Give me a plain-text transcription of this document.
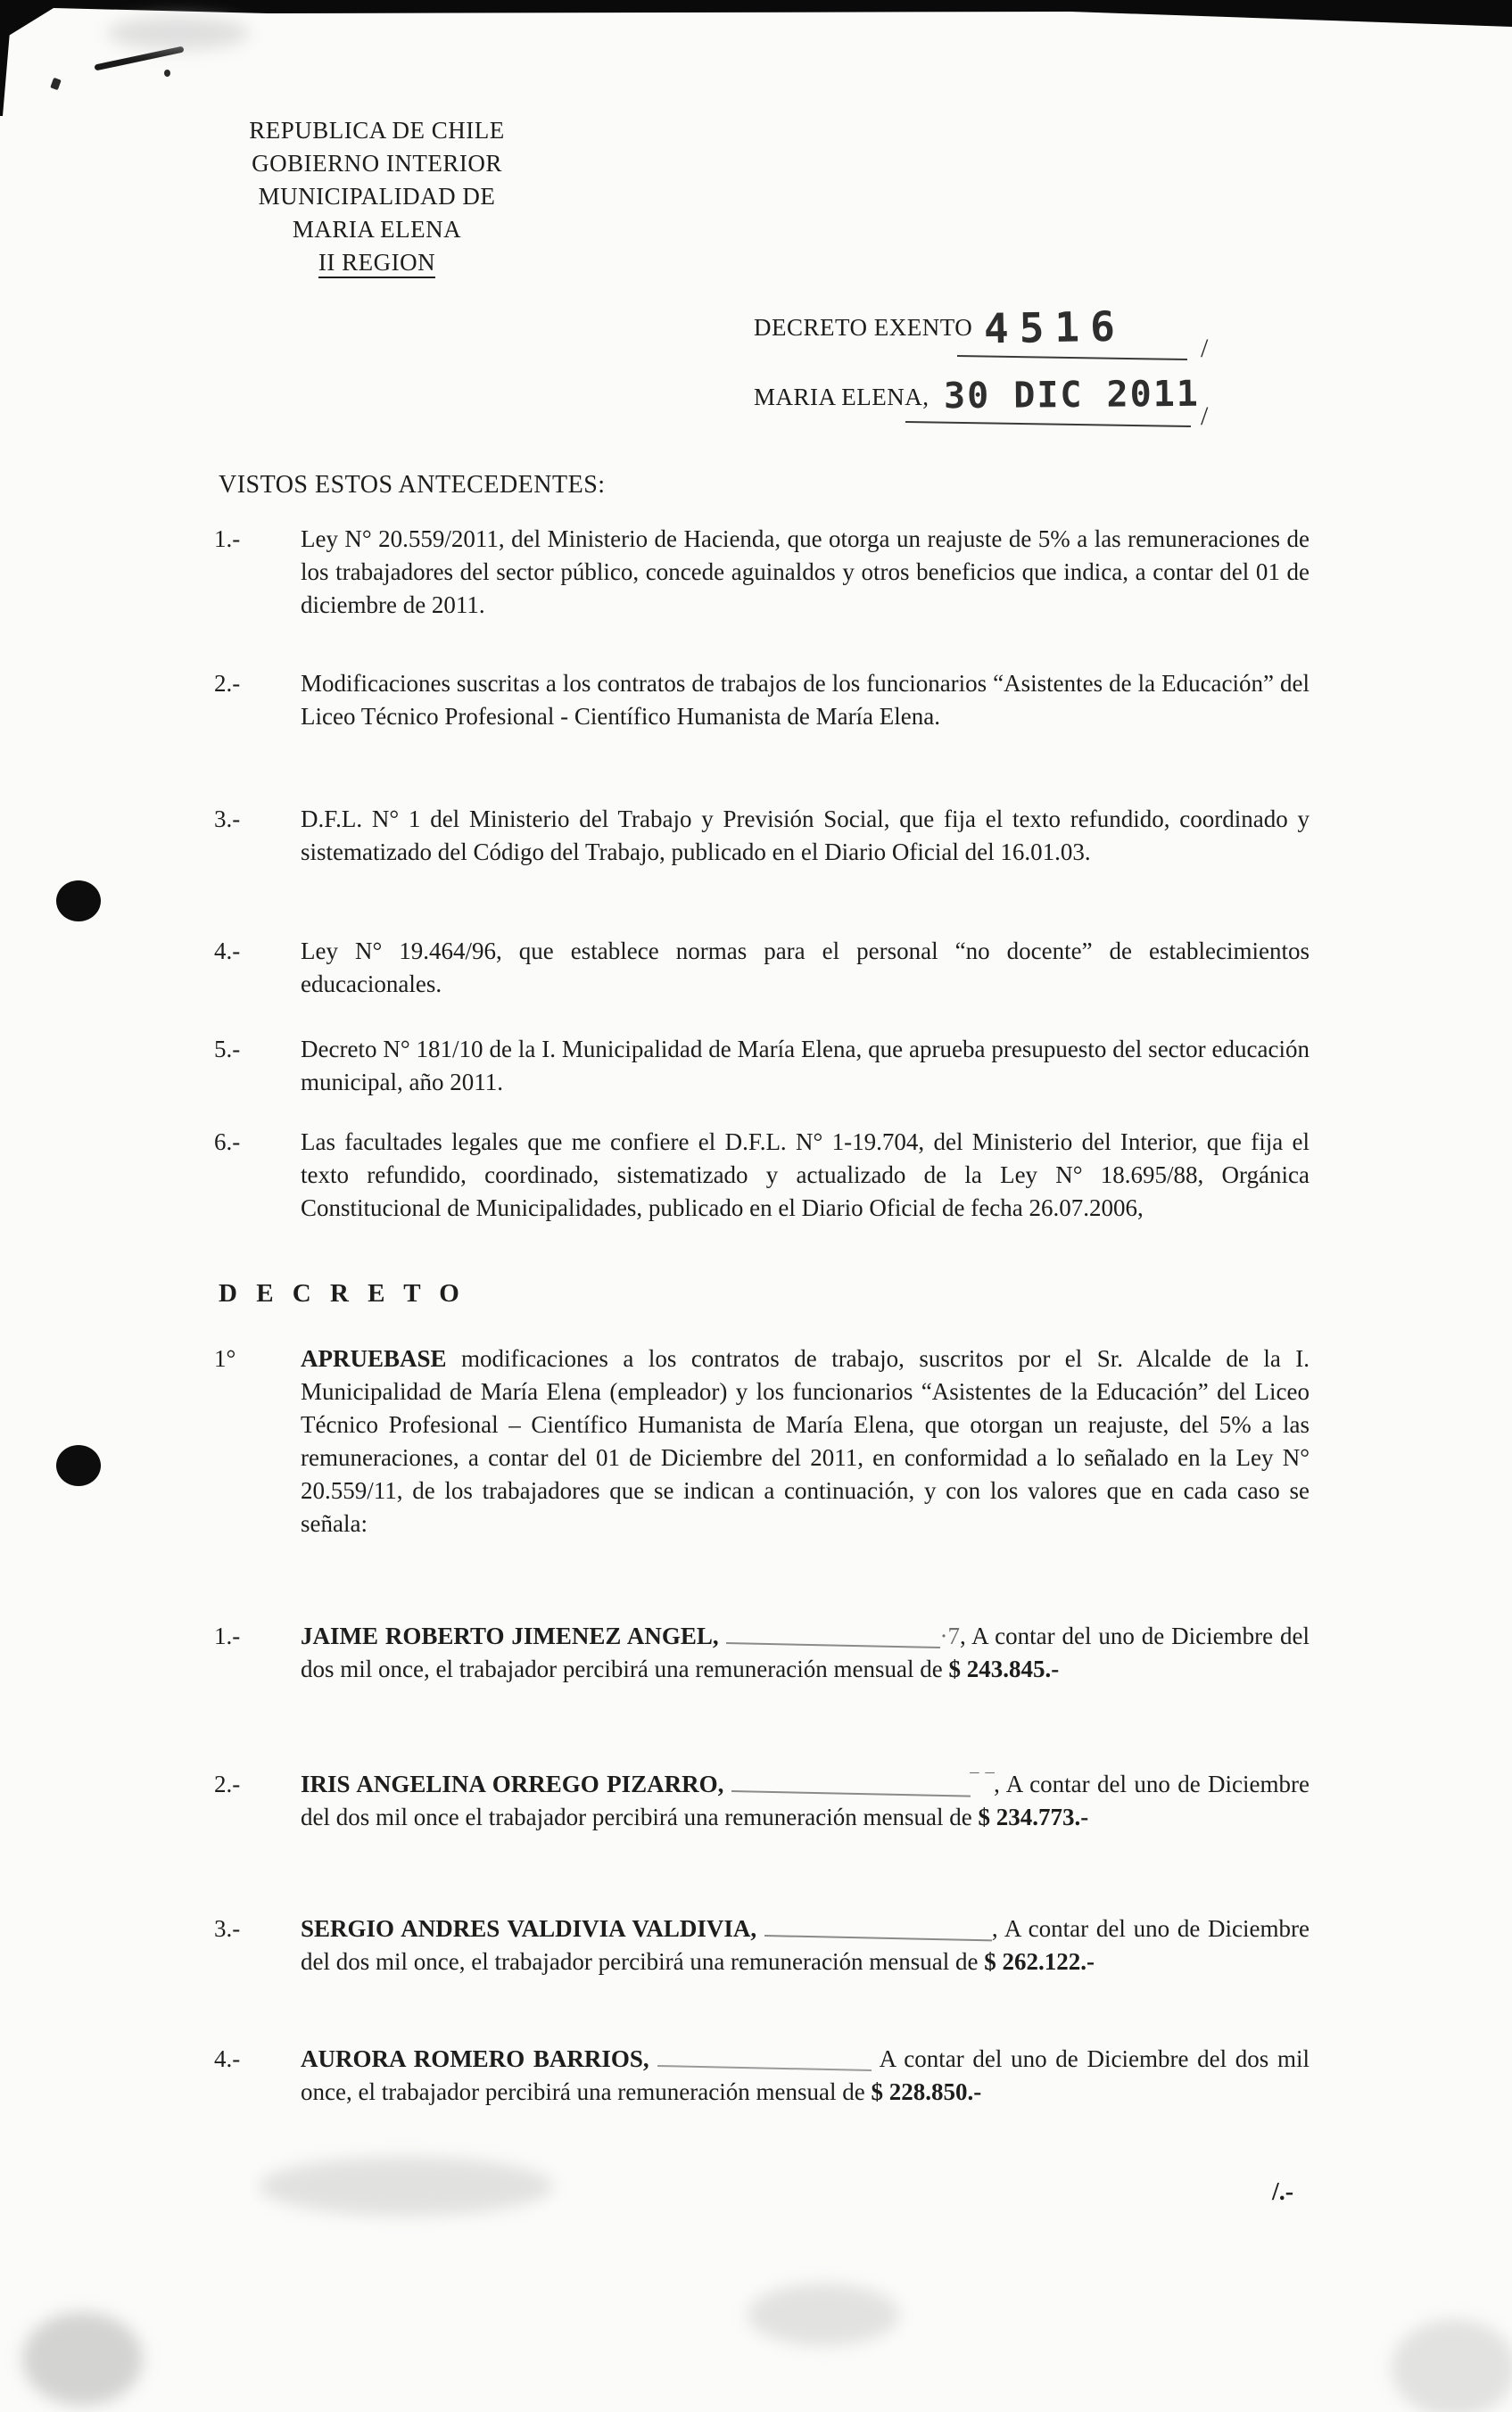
REPUBLICA DE CHILE
GOBIERNO INTERIOR
MUNICIPALIDAD DE
MARIA ELENA
II REGION
DECRETO EXENTO 4516	/
MARIA ELENA, 30 DIC 2011 /
VISTOS ESTOS ANTECEDENTES:
1.-	Ley N° 20.559/2011, del Ministerio de Hacienda, que otorga un reajuste de 5% a las remuneraciones de los trabajadores del sector público, concede aguinaldos y otros beneficios que indica, a contar del 01 de diciembre de 2011.
2.-	Modificaciones suscritas a los contratos de trabajos de los funcionarios “Asistentes de la Educación” del Liceo Técnico Profesional - Científico Humanista de María Elena.
3.-	D.F.L. N° 1 del Ministerio del Trabajo y Previsión Social, que fija el texto refundido, coordinado y sistematizado del Código del Trabajo, publicado en el Diario Oficial del 16.01.03.
4.-	Ley N° 19.464/96, que establece normas para el personal “no docente” de establecimientos educacionales.
5.-	Decreto N° 181/10 de la I. Municipalidad de María Elena, que aprueba presupuesto del sector educación municipal, año 2011.
6.-	Las facultades legales que me confiere el D.F.L. N° 1-19.704, del Ministerio del Interior, que fija el texto refundido, coordinado, sistematizado y actualizado de la Ley N° 18.695/88, Orgánica Constitucional de Municipalidades, publicado en el Diario Oficial de fecha 26.07.2006,
D E C R E T O
1°	APRUEBASE modificaciones a los contratos de trabajo, suscritos por el Sr. Alcalde de la I. Municipalidad de María Elena (empleador) y los funcionarios “Asistentes de la Educación” del Liceo Técnico Profesional – Científico Humanista de María Elena, que otorgan un reajuste, del 5% a las remuneraciones, a contar del 01 de Diciembre del 2011, en conformidad a lo señalado en la Ley N° 20.559/11, de los trabajadores que se indican a continuación, y con los valores que en cada caso se señala:
1.-	JAIME ROBERTO JIMENEZ ANGEL,	·7, A contar del uno de Diciembre del dos mil once, el trabajador percibirá una remuneración mensual de $ 243.845.-
2.-	IRIS ANGELINA ORREGO PIZARRO,	‾ ‾, A contar del uno de Diciembre del dos mil once el trabajador percibirá una remuneración mensual de $ 234.773.-
3.-	SERGIO ANDRES VALDIVIA VALDIVIA,	, A contar del uno de Diciembre del dos mil once, el trabajador percibirá una remuneración mensual de $ 262.122.-
4.-	AURORA ROMERO BARRIOS,	A contar del uno de Diciembre del dos mil once, el trabajador percibirá una remuneración mensual de $ 228.850.-
/.-
